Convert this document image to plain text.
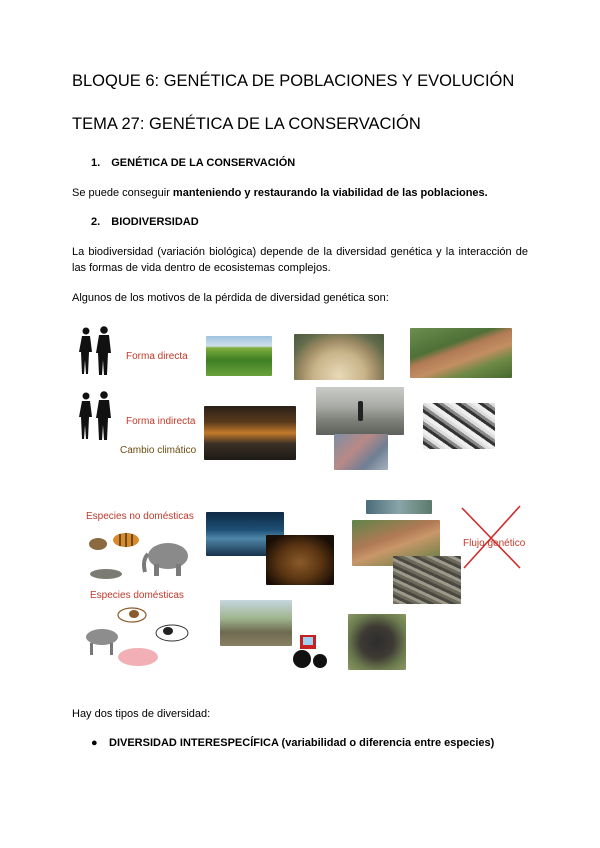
BLOQUE 6: GENÉTICA DE POBLACIONES Y EVOLUCIÓN
TEMA 27: GENÉTICA DE LA CONSERVACIÓN
1. GENÉTICA DE LA CONSERVACIÓN
Se puede conseguir manteniendo y restaurando la viabilidad de las poblaciones.
2. BIODIVERSIDAD
La biodiversidad (variación biológica) depende de la diversidad genética y la interacción de las formas de vida dentro de ecosistemas complejos.
Algunos de los motivos de la pérdida de diversidad genética son:
Forma directa
Forma indirecta
Cambio climático
Especies no domésticas
Flujo genético
Especies domésticas
Hay dos tipos de diversidad:
● DIVERSIDAD INTERESPECÍFICA (variabilidad o diferencia entre especies)
